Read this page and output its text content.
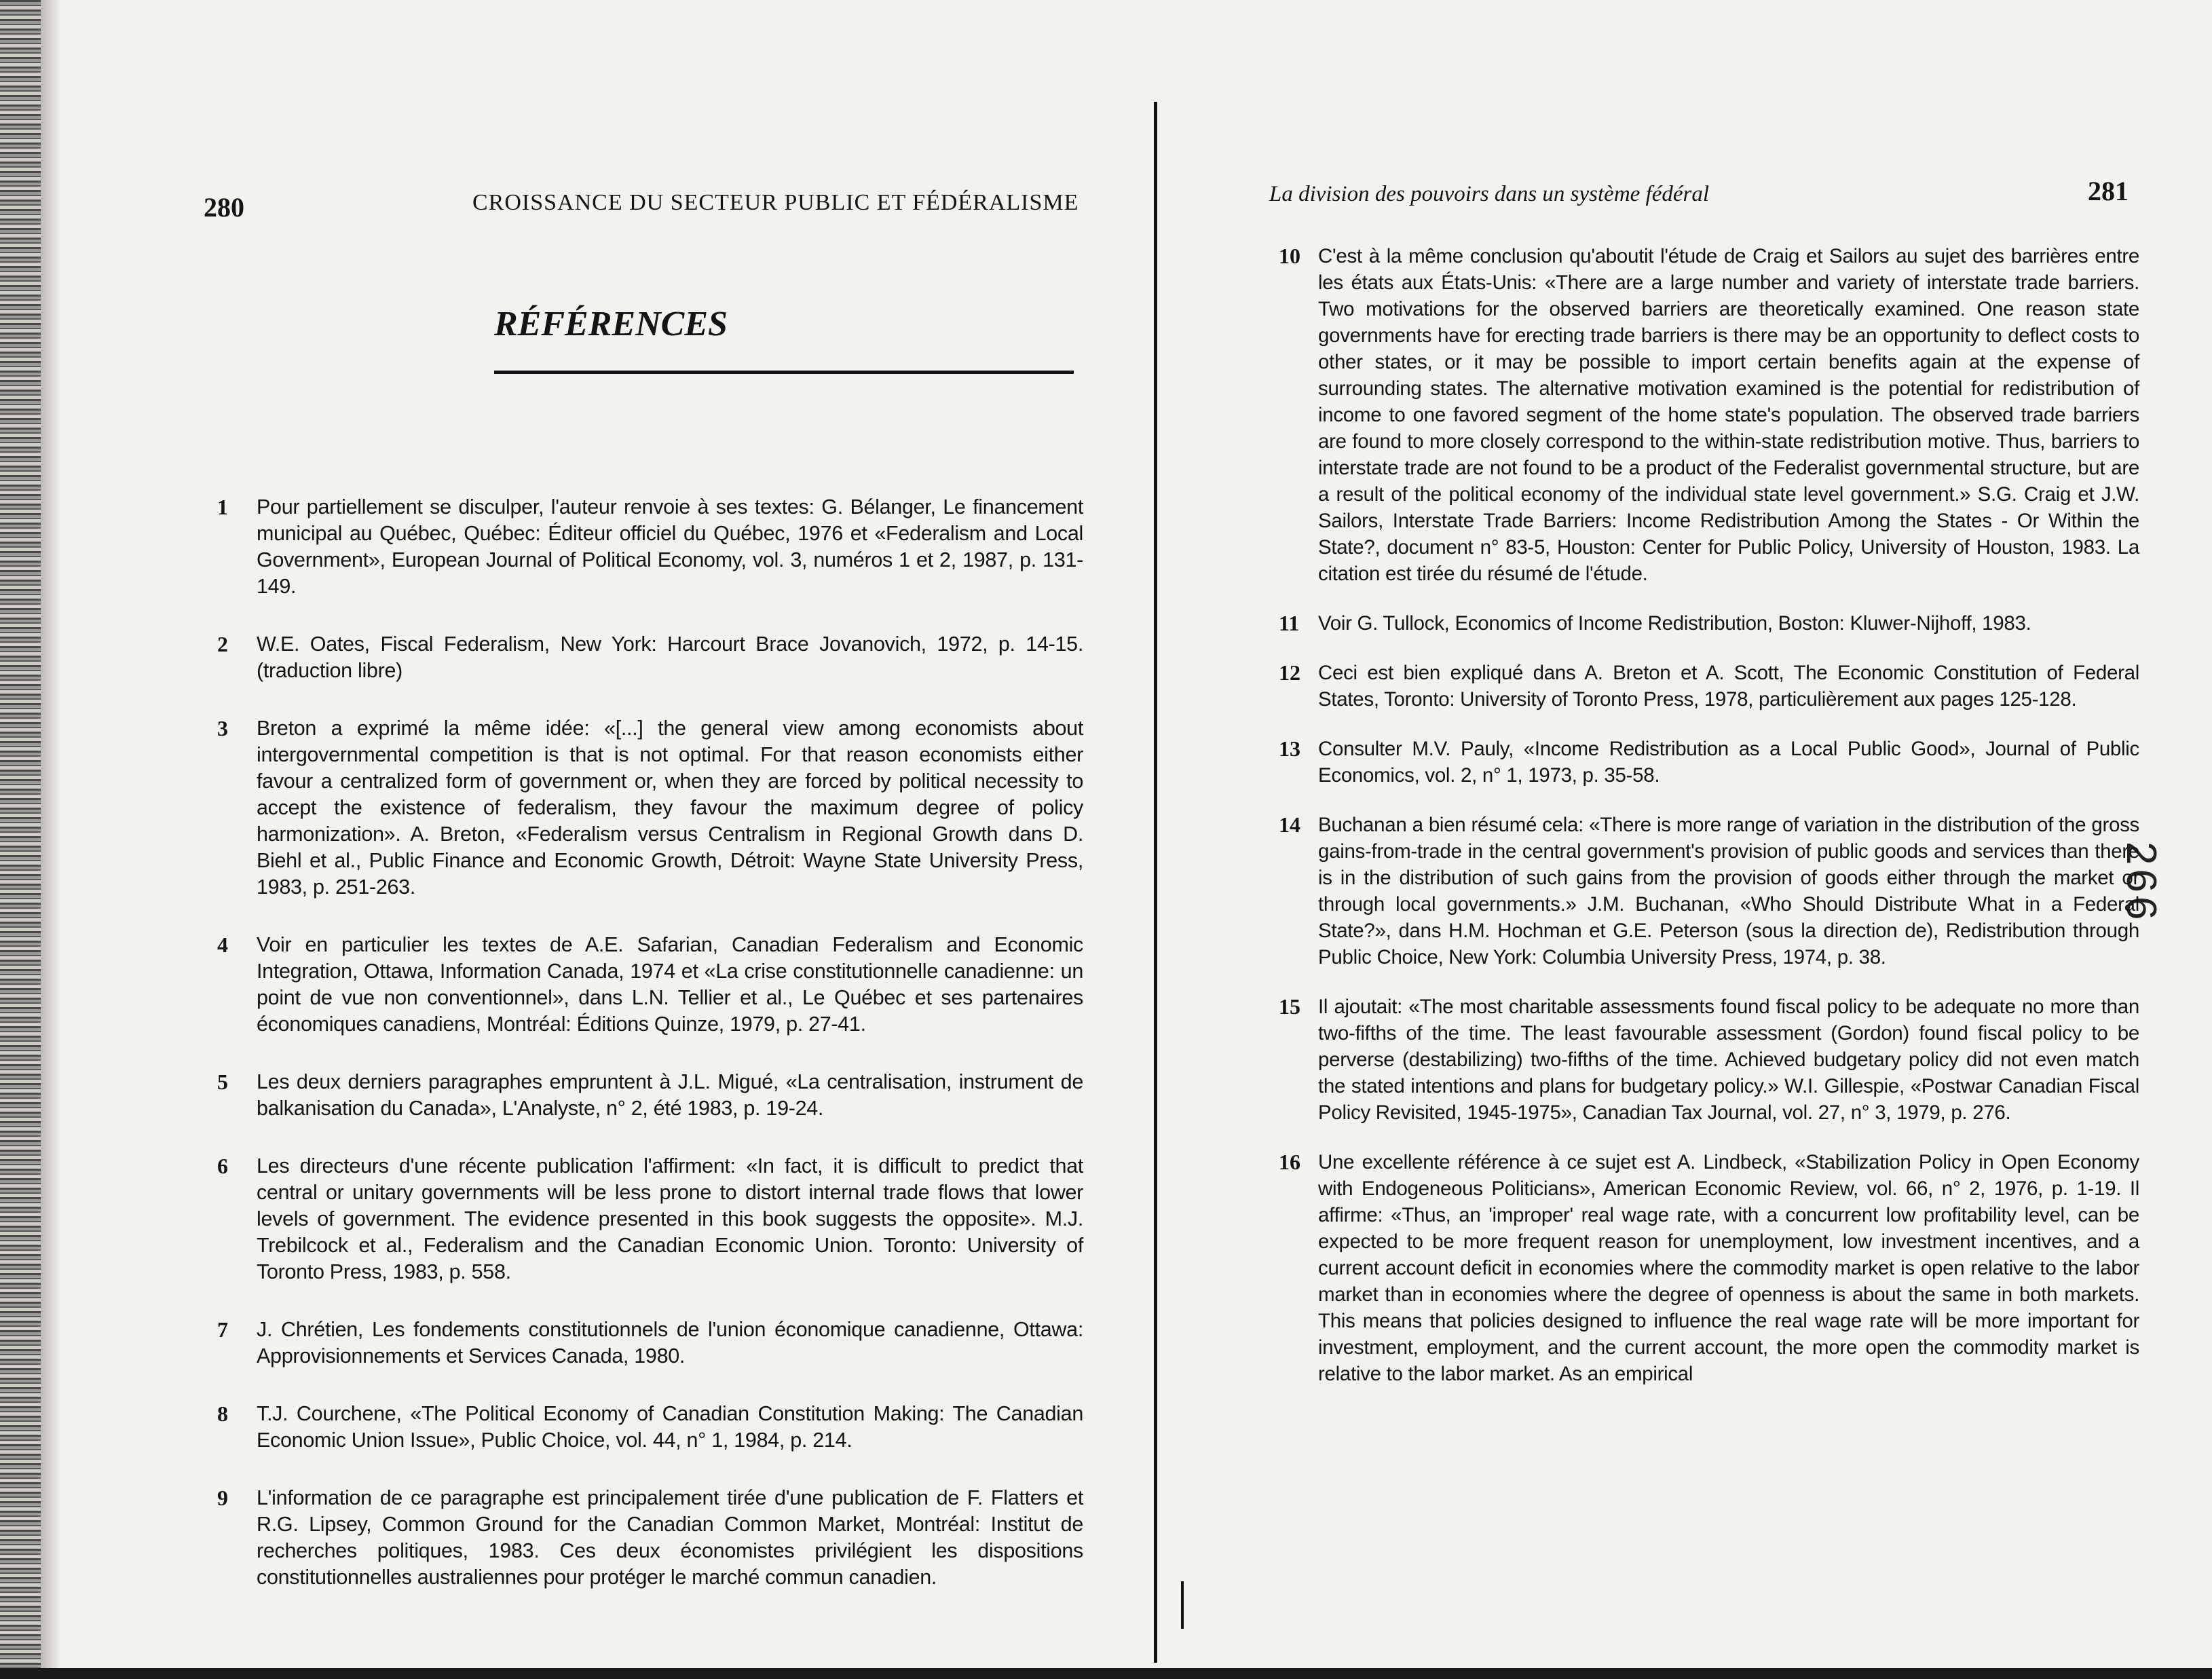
280	CROISSANCE DU SECTEUR PUBLIC ET FÉDÉRALISME
RÉFÉRENCES
1 Pour partiellement se disculper, l'auteur renvoie à ses textes: G. Bélanger, Le financement municipal au Québec, Québec: Éditeur officiel du Québec, 1976 et «Federalism and Local Government», European Journal of Political Economy, vol. 3, numéros 1 et 2, 1987, p. 131-149.
2 W.E. Oates, Fiscal Federalism, New York: Harcourt Brace Jovanovich, 1972, p. 14-15. (traduction libre)
3 Breton a exprimé la même idée: «[...] the general view among economists about intergovernmental competition is that is not optimal. For that reason economists either favour a centralized form of government or, when they are forced by political necessity to accept the existence of federalism, they favour the maximum degree of policy harmonization». A. Breton, «Federalism versus Centralism in Regional Growth dans D. Biehl et al., Public Finance and Economic Growth, Détroit: Wayne State University Press, 1983, p. 251-263.
4 Voir en particulier les textes de A.E. Safarian, Canadian Federalism and Economic Integration, Ottawa, Information Canada, 1974 et «La crise constitutionnelle canadienne: un point de vue non conventionnel», dans L.N. Tellier et al., Le Québec et ses partenaires économiques canadiens, Montréal: Éditions Quinze, 1979, p. 27-41.
5 Les deux derniers paragraphes empruntent à J.L. Migué, «La centralisation, instrument de balkanisation du Canada», L'Analyste, n° 2, été 1983, p. 19-24.
6 Les directeurs d'une récente publication l'affirment: «In fact, it is difficult to predict that central or unitary governments will be less prone to distort internal trade flows that lower levels of government. The evidence presented in this book suggests the opposite». M.J. Trebilcock et al., Federalism and the Canadian Economic Union. Toronto: University of Toronto Press, 1983, p. 558.
7 J. Chrétien, Les fondements constitutionnels de l'union économique canadienne, Ottawa: Approvisionnements et Services Canada, 1980.
8 T.J. Courchene, «The Political Economy of Canadian Constitution Making: The Canadian Economic Union Issue», Public Choice, vol. 44, n° 1, 1984, p. 214.
9 L'information de ce paragraphe est principalement tirée d'une publication de F. Flatters et R.G. Lipsey, Common Ground for the Canadian Common Market, Montréal: Institut de recherches politiques, 1983. Ces deux économistes privilégient les dispositions constitutionnelles australiennes pour protéger le marché commun canadien.
La division des pouvoirs dans un système fédéral	281
266
10 C'est à la même conclusion qu'aboutit l'étude de Craig et Sailors au sujet des barrières entre les états aux États-Unis: «There are a large number and variety of interstate trade barriers. Two motivations for the observed barriers are theoretically examined. One reason state governments have for erecting trade barriers is there may be an opportunity to deflect costs to other states, or it may be possible to import certain benefits again at the expense of surrounding states. The alternative motivation examined is the potential for redistribution of income to one favored segment of the home state's population. The observed trade barriers are found to more closely correspond to the within-state redistribution motive. Thus, barriers to interstate trade are not found to be a product of the Federalist governmental structure, but are a result of the political economy of the individual state level government.» S.G. Craig et J.W. Sailors, Interstate Trade Barriers: Income Redistribution Among the States - Or Within the State?, document n° 83-5, Houston: Center for Public Policy, University of Houston, 1983. La citation est tirée du résumé de l'étude.
11 Voir G. Tullock, Economics of Income Redistribution, Boston: Kluwer-Nijhoff, 1983.
12 Ceci est bien expliqué dans A. Breton et A. Scott, The Economic Constitution of Federal States, Toronto: University of Toronto Press, 1978, particulièrement aux pages 125-128.
13 Consulter M.V. Pauly, «Income Redistribution as a Local Public Good», Journal of Public Economics, vol. 2, n° 1, 1973, p. 35-58.
14 Buchanan a bien résumé cela: «There is more range of variation in the distribution of the gross gains-from-trade in the central government's provision of public goods and services than there is in the distribution of such gains from the provision of goods either through the market or through local governments.» J.M. Buchanan, «Who Should Distribute What in a Federal State?», dans H.M. Hochman et G.E. Peterson (sous la direction de), Redistribution through Public Choice, New York: Columbia University Press, 1974, p. 38.
15 Il ajoutait: «The most charitable assessments found fiscal policy to be adequate no more than two-fifths of the time. The least favourable assessment (Gordon) found fiscal policy to be perverse (destabilizing) two-fifths of the time. Achieved budgetary policy did not even match the stated intentions and plans for budgetary policy.» W.I. Gillespie, «Postwar Canadian Fiscal Policy Revisited, 1945-1975», Canadian Tax Journal, vol. 27, n° 3, 1979, p. 276.
16 Une excellente référence à ce sujet est A. Lindbeck, «Stabilization Policy in Open Economy with Endogeneous Politicians», American Economic Review, vol. 66, n° 2, 1976, p. 1-19. Il affirme: «Thus, an 'improper' real wage rate, with a concurrent low profitability level, can be expected to be more frequent reason for unemployment, low investment incentives, and a current account deficit in economies where the commodity market is open relative to the labor market than in economies where the degree of openness is about the same in both markets. This means that policies designed to influence the real wage rate will be more important for investment, employment, and the current account, the more open the commodity market is relative to the labor market. As an empirical
